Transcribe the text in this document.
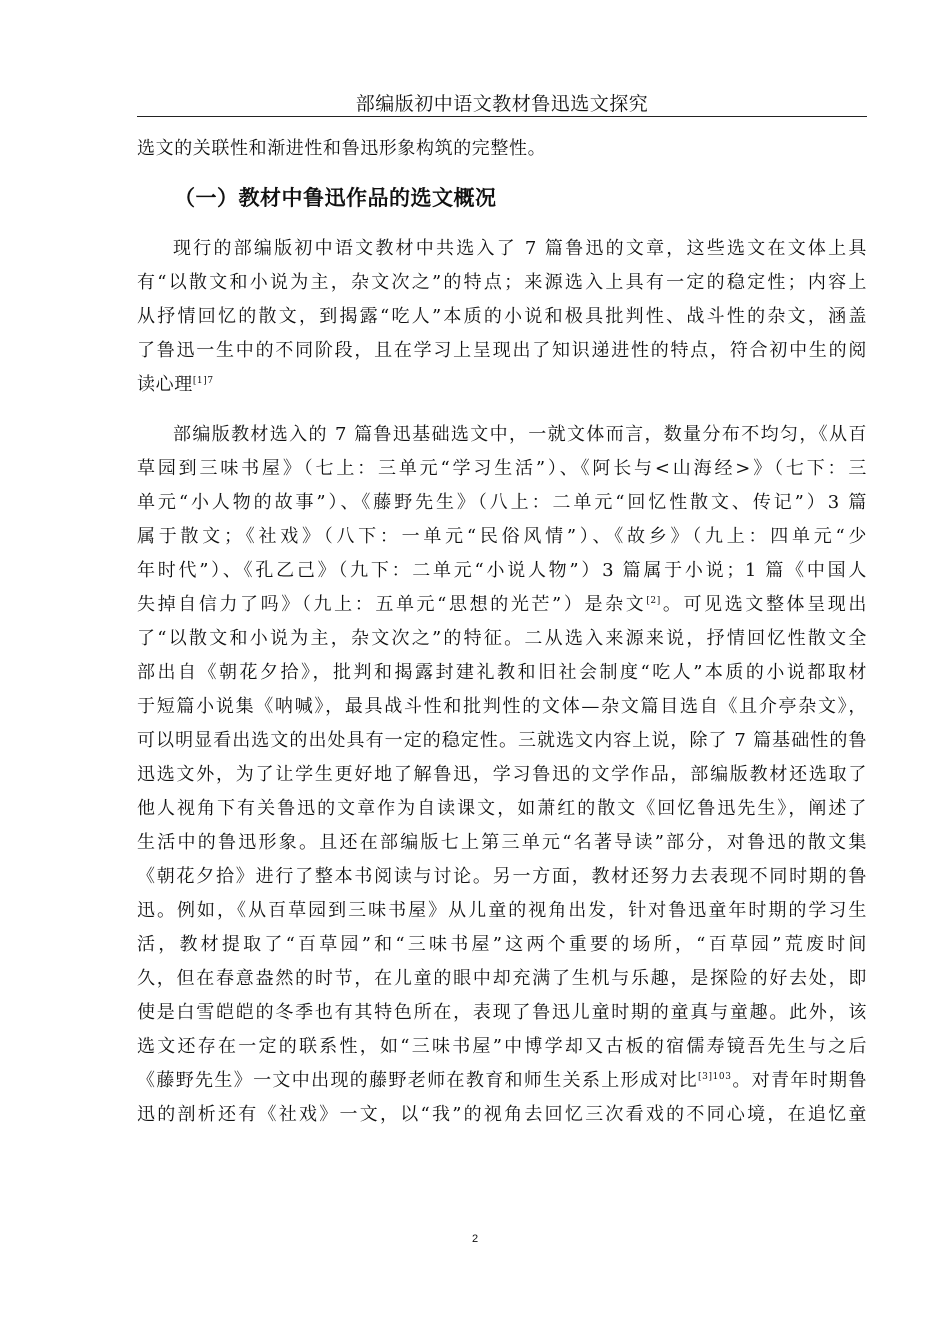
部编版初中语文教材鲁迅选文探究
选文的关联性和渐进性和鲁迅形象构筑的完整性。
（一）教材中鲁迅作品的选文概况
现行的部编版初中语文教材中共选入了 7 篇鲁迅的文章，这些选文在文体上具
有“以散文和小说为主，杂文次之”的特点；来源选入上具有一定的稳定性；内容上
从抒情回忆的散文，到揭露“吃人”本质的小说和极具批判性、战斗性的杂文，涵盖
了鲁迅一生中的不同阶段，且在学习上呈现出了知识递进性的特点，符合初中生的阅
读心理$^{[1]7}$
部编版教材选入的 7 篇鲁迅基础选文中，一就文体而言，数量分布不均匀，《从百
草园到三味书屋》（七上：三单元“学习生活”）、《阿长与<山海经>》（七下：三
单元“小人物的故事”）、《藤野先生》（八上：二单元“回忆性散文、传记”）3 篇
属于散文；《社戏》（八下：一单元“民俗风情”）、《故乡》（九上：四单元“少
年时代”）、《孔乙己》（九下：二单元“小说人物”）3 篇属于小说；1 篇《中国人
失掉自信力了吗》（九上：五单元“思想的光芒”）是杂文[2]。可见选文整体呈现出
了“以散文和小说为主，杂文次之”的特征。二从选入来源来说，抒情回忆性散文全
部出自《朝花夕拾》，批判和揭露封建礼教和旧社会制度“吃人”本质的小说都取材
于短篇小说集《呐喊》，最具战斗性和批判性的文体—杂文篇目选自《且介亭杂文》，
可以明显看出选文的出处具有一定的稳定性。三就选文内容上说，除了 7 篇基础性的鲁
迅选文外，为了让学生更好地了解鲁迅，学习鲁迅的文学作品，部编版教材还选取了
他人视角下有关鲁迅的文章作为自读课文，如萧红的散文《回忆鲁迅先生》，阐述了
生活中的鲁迅形象。且还在部编版七上第三单元“名著导读”部分，对鲁迅的散文集
《朝花夕拾》进行了整本书阅读与讨论。另一方面，教材还努力去表现不同时期的鲁
迅。例如，《从百草园到三味书屋》从儿童的视角出发，针对鲁迅童年时期的学习生
活，教材提取了“百草园”和“三味书屋”这两个重要的场所，“百草园”荒废时间
久，但在春意盎然的时节，在儿童的眼中却充满了生机与乐趣，是探险的好去处，即
使是白雪皑皑的冬季也有其特色所在，表现了鲁迅儿童时期的童真与童趣。此外，该
选文还存在一定的联系性，如“三味书屋”中博学却又古板的宿儒寿镜吾先生与之后
《藤野先生》一文中出现的藤野老师在教育和师生关系上形成对比$^{[3]103}$。对青年时期鲁
迅的剖析还有《社戏》一文，以“我”的视角去回忆三次看戏的不同心境，在追忆童
2
